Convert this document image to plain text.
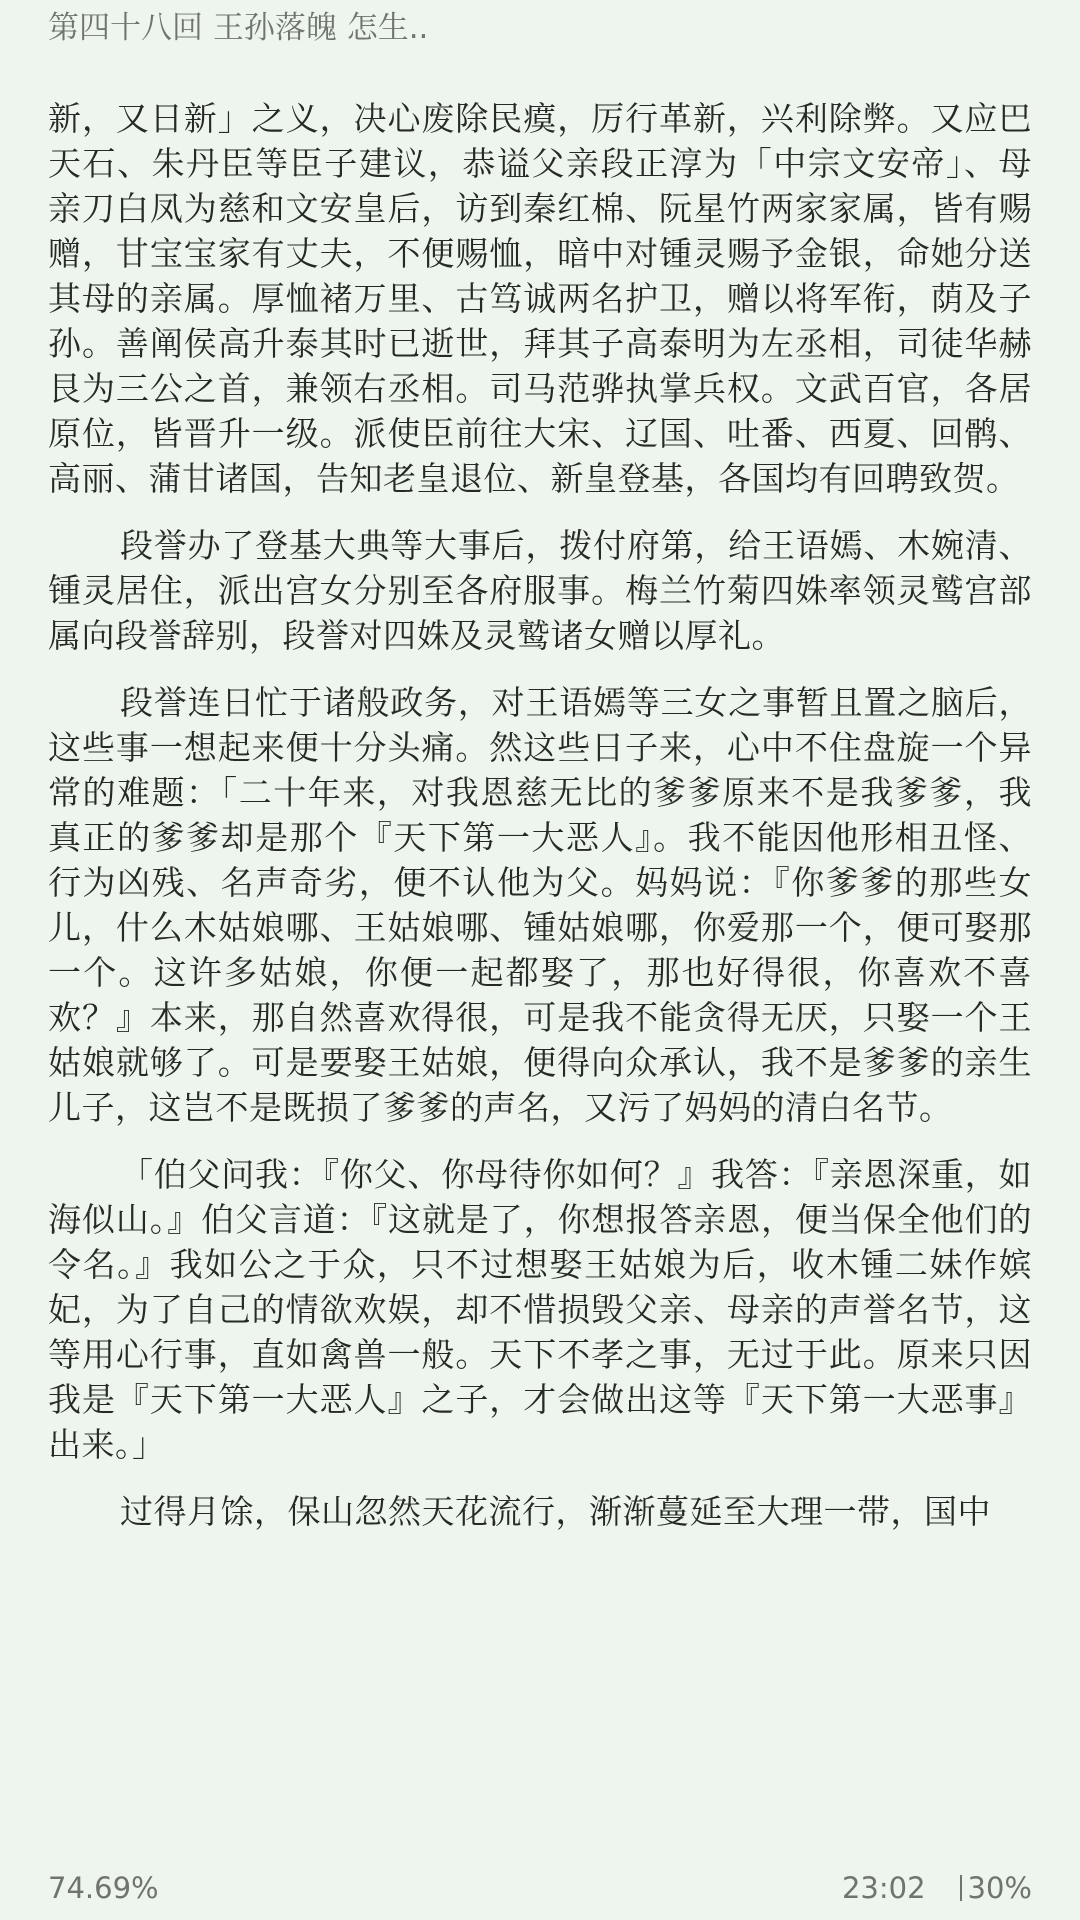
第四十八回 王孙落魄 怎生..

新，又日新」之义，决心废除民瘼，厉行革新，兴利除弊。又应巴天石、朱丹臣等臣子建议，恭谥父亲段正淳为「中宗文安帝」、母亲刀白凤为慈和文安皇后，访到秦红棉、阮星竹两家家属，皆有赐赠，甘宝宝家有丈夫，不便赐恤，暗中对锺灵赐予金银，命她分送其母的亲属。厚恤褚万里、古笃诚两名护卫，赠以将军衔，荫及子孙。善阐侯高升泰其时已逝世，拜其子高泰明为左丞相，司徒华赫艮为三公之首，兼领右丞相。司马范骅执掌兵权。文武百官，各居原位，皆晋升一级。派使臣前往大宋、辽国、吐番、西夏、回鹘、高丽、蒲甘诸国，告知老皇退位、新皇登基，各国均有回聘致贺。

段誉办了登基大典等大事后，拨付府第，给王语嫣、木婉清、锺灵居住，派出宫女分别至各府服事。梅兰竹菊四姝率领灵鹫宫部属向段誉辞别，段誉对四姝及灵鹫诸女赠以厚礼。

段誉连日忙于诸般政务，对王语嫣等三女之事暂且置之脑后，这些事一想起来便十分头痛。然这些日子来，心中不住盘旋一个异常的难题：「二十年来，对我恩慈无比的爹爹原来不是我爹爹，我真正的爹爹却是那个『天下第一大恶人』。我不能因他形相丑怪、行为凶残、名声奇劣，便不认他为父。妈妈说：『你爹爹的那些女儿，什么木姑娘哪、王姑娘哪、锺姑娘哪，你爱那一个，便可娶那一个。这许多姑娘，你便一起都娶了，那也好得很，你喜欢不喜欢？』本来，那自然喜欢得很，可是我不能贪得无厌，只娶一个王姑娘就够了。可是要娶王姑娘，便得向众承认，我不是爹爹的亲生儿子，这岂不是既损了爹爹的声名，又污了妈妈的清白名节。

「伯父问我：『你父、你母待你如何？』我答：『亲恩深重，如海似山。』伯父言道：『这就是了，你想报答亲恩，便当保全他们的令名。』我如公之于众，只不过想娶王姑娘为后，收木锺二妹作嫔妃，为了自己的情欲欢娱，却不惜损毁父亲、母亲的声誉名节，这等用心行事，直如禽兽一般。天下不孝之事，无过于此。原来只因我是『天下第一大恶人』之子，才会做出这等『天下第一大恶事』出来。」

过得月馀，保山忽然天花流行，渐渐蔓延至大理一带，国中

74.69%	23:02 30%
